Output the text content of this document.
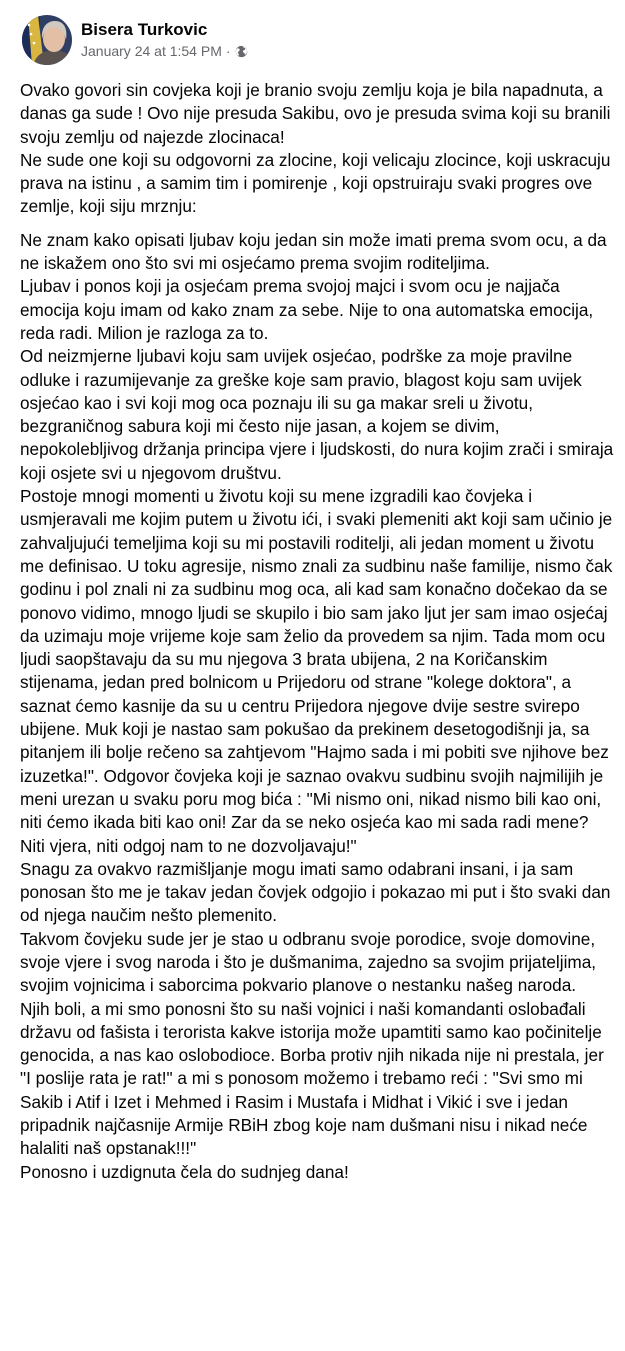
Bisera Turkovic
January 24 at 1:54 PM ·

Ovako govori sin covjeka koji je branio svoju zemlju koja je bila napadnuta, a danas ga sude ! Ovo nije presuda Sakibu, ovo je presuda svima koji su branili svoju zemlju od najezde zlocinaca!
Ne sude one koji su odgovorni za zlocine, koji velicaju zlocince, koji uskracuju prava na istinu , a samim tim i pomirenje , koji opstruiraju svaki progres ove zemlje, koji siju mrznju:

Ne znam kako opisati ljubav koju jedan sin može imati prema svom ocu, a da ne iskažem ono što svi mi osjećamo prema svojim roditeljima.
Ljubav i ponos koji ja osjećam prema svojoj majci i svom ocu je najjača emocija koju imam od kako znam za sebe. Nije to ona automatska emocija, reda radi. Milion je razloga za to.
Od neizmjerne ljubavi koju sam uvijek osjećao, podrške za moje pravilne odluke i razumijevanje za greške koje sam pravio, blagost koju sam uvijek osjećao kao i svi koji mog oca poznaju ili su ga makar sreli u životu, bezgraničnog sabura koji mi često nije jasan, a kojem se divim, nepokolebljivog držanja principa vjere i ljudskosti, do nura kojim zrači i smiraja koji osjete svi u njegovom društvu.
Postoje mnogi momenti u životu koji su mene izgradili kao čovjeka i usmjeravali me kojim putem u životu ići, i svaki plemeniti akt koji sam učinio je zahvaljujući temeljima koji su mi postavili roditelji, ali jedan moment u životu me definisao. U toku agresije, nismo znali za sudbinu naše familije, nismo čak godinu i pol znali ni za sudbinu mog oca, ali kad sam konačno dočekao da se ponovo vidimo, mnogo ljudi se skupilo i bio sam jako ljut jer sam imao osjećaj da uzimaju moje vrijeme koje sam želio da provedem sa njim. Tada mom ocu ljudi saopštavaju da su mu njegova 3 brata ubijena, 2 na Koričanskim stijenama, jedan pred bolnicom u Prijedoru od strane "kolege doktora", a saznat ćemo kasnije da su u centru Prijedora njegove dvije sestre svirepo ubijene. Muk koji je nastao sam pokušao da prekinem desetogodišnji ja, sa pitanjem ili bolje rečeno sa zahtjevom "Hajmo sada i mi pobiti sve njihove bez izuzetka!". Odgovor čovjeka koji je saznao ovakvu sudbinu svojih najmilijih je meni urezan u svaku poru mog bića : "Mi nismo oni, nikad nismo bili kao oni, niti ćemo ikada biti kao oni! Zar da se neko osjeća kao mi sada radi mene? Niti vjera, niti odgoj nam to ne dozvoljavaju!"
Snagu za ovakvo razmišljanje mogu imati samo odabrani insani, i ja sam ponosan što me je takav jedan čovjek odgojio i pokazao mi put i što svaki dan od njega naučim nešto plemenito.
Takvom čovjeku sude jer je stao u odbranu svoje porodice, svoje domovine, svoje vjere i svog naroda i što je dušmanima, zajedno sa svojim prijateljima, svojim vojnicima i saborcima pokvario planove o nestanku našeg naroda.
Njih boli, a mi smo ponosni što su naši vojnici i naši komandanti oslobađali državu od fašista i terorista kakve istorija može upamtiti samo kao počinitelje genocida, a nas kao oslobodioce. Borba protiv njih nikada nije ni prestala, jer "I poslije rata je rat!" a mi s ponosom možemo i trebamo reći : "Svi smo mi Sakib i Atif i Izet i Mehmed i Rasim i Mustafa i Midhat i Vikić i sve i jedan pripadnik najčasnije Armije RBiH zbog koje nam dušmani nisu i nikad neće halaliti naš opstanak!!!"
Ponosno i uzdignuta čela do sudnjeg dana!
